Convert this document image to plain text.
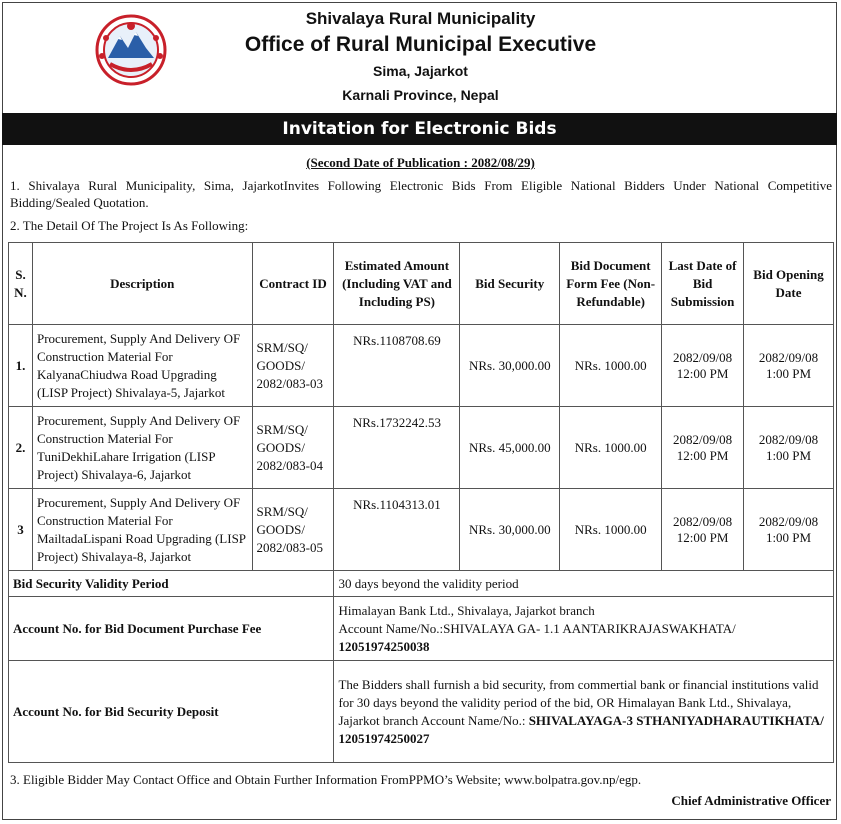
Shivalaya Rural Municipality
Office of Rural Municipal Executive
Sima, Jajarkot
Karnali Province, Nepal
Invitation for Electronic Bids
(Second Date of Publication : 2082/08/29)
1. Shivalaya Rural Municipality, Sima, JajarkotInvites Following Electronic Bids From Eligible National Bidders Under National Competitive Bidding/Sealed Quotation.
2. The Detail Of The Project Is As Following:
S. N.	Description	Contract ID	Estimated Amount (Including VAT and Including PS)	Bid Security	Bid Document Form Fee (Non-Refundable)	Last Date of Bid Submission	Bid Opening Date
1.	Procurement, Supply And Delivery OF Construction Material For KalyanaChiudwa Road Upgrading (LISP Project) Shivalaya-5, Jajarkot	SRM/SQ/ GOODS/ 2082/083-03	NRs.1108708.69	NRs. 30,000.00	NRs. 1000.00	2082/09/08 12:00 PM	2082/09/08 1:00 PM
2.	Procurement, Supply And Delivery OF Construction Material For TuniDekhiLahare Irrigation (LISP Project) Shivalaya-6, Jajarkot	SRM/SQ/ GOODS/ 2082/083-04	NRs.1732242.53	NRs. 45,000.00	NRs. 1000.00	2082/09/08 12:00 PM	2082/09/08 1:00 PM
3	Procurement, Supply And Delivery OF Construction Material For MailtadaLispani Road Upgrading (LISP Project) Shivalaya-8, Jajarkot	SRM/SQ/ GOODS/ 2082/083-05	NRs.1104313.01	NRs. 30,000.00	NRs. 1000.00	2082/09/08 12:00 PM	2082/09/08 1:00 PM
Bid Security Validity Period			30 days beyond the validity period				
Account No. for Bid Document Purchase Fee			Himalayan Bank Ltd., Shivalaya, Jajarkot branch
Account Name/No.:SHIVALAYA GA- 1.1 AANTARIKRAJASWAKHATA/
12051974250038				

Account No. for Bid Security Deposit			The Bidders shall furnish a bid security, from commertial bank or financial institutions valid for 30 days beyond the validity period of the bid, OR Himalayan Bank Ltd., Shivalaya, Jajarkot branch Account Name/No.: SHIVALAYAGA-3 STHANIYADHARAUTIKHATA/
12051974250027				
3. Eligible Bidder May Contact Office and Obtain Further Information FromPPMO’s Website; www.bolpatra.gov.np/egp.
Chief Administrative Officer
